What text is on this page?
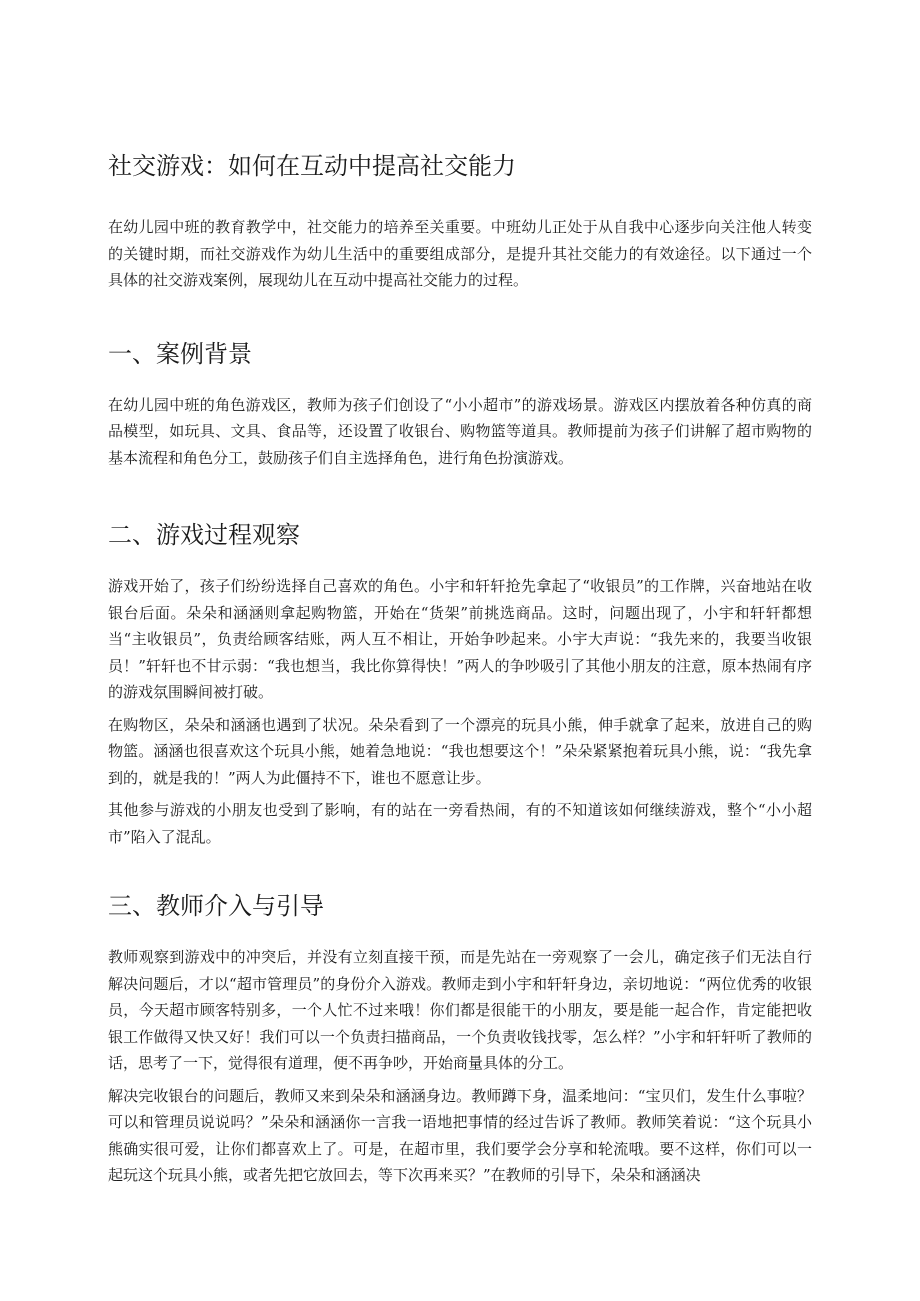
社交游戏：如何在互动中提高社交能力

在幼儿园中班的教育教学中，社交能力的培养至关重要。中班幼儿正处于从自我中心逐步向关注他人转变的关键时期，而社交游戏作为幼儿生活中的重要组成部分，是提升其社交能力的有效途径。以下通过一个具体的社交游戏案例，展现幼儿在互动中提高社交能力的过程。

一、案例背景

在幼儿园中班的角色游戏区，教师为孩子们创设了“小小超市”的游戏场景。游戏区内摆放着各种仿真的商品模型，如玩具、文具、食品等，还设置了收银台、购物篮等道具。教师提前为孩子们讲解了超市购物的基本流程和角色分工，鼓励孩子们自主选择角色，进行角色扮演游戏。

二、游戏过程观察

游戏开始了，孩子们纷纷选择自己喜欢的角色。小宇和轩轩抢先拿起了“收银员”的工作牌，兴奋地站在收银台后面。朵朵和涵涵则拿起购物篮，开始在“货架”前挑选商品。这时，问题出现了，小宇和轩轩都想当“主收银员”，负责给顾客结账，两人互不相让，开始争吵起来。小宇大声说：“我先来的，我要当收银员！”轩轩也不甘示弱：“我也想当，我比你算得快！”两人的争吵吸引了其他小朋友的注意，原本热闹有序的游戏氛围瞬间被打破。

在购物区，朵朵和涵涵也遇到了状况。朵朵看到了一个漂亮的玩具小熊，伸手就拿了起来，放进自己的购物篮。涵涵也很喜欢这个玩具小熊，她着急地说：“我也想要这个！”朵朵紧紧抱着玩具小熊，说：“我先拿到的，就是我的！”两人为此僵持不下，谁也不愿意让步。

其他参与游戏的小朋友也受到了影响，有的站在一旁看热闹，有的不知道该如何继续游戏，整个“小小超市”陷入了混乱。

三、教师介入与引导

教师观察到游戏中的冲突后，并没有立刻直接干预，而是先站在一旁观察了一会儿，确定孩子们无法自行解决问题后，才以“超市管理员”的身份介入游戏。教师走到小宇和轩轩身边，亲切地说：“两位优秀的收银员，今天超市顾客特别多，一个人忙不过来哦！你们都是很能干的小朋友，要是能一起合作，肯定能把收银工作做得又快又好！我们可以一个负责扫描商品，一个负责收钱找零，怎么样？”小宇和轩轩听了教师的话，思考了一下，觉得很有道理，便不再争吵，开始商量具体的分工。

解决完收银台的问题后，教师又来到朵朵和涵涵身边。教师蹲下身，温柔地问：“宝贝们，发生什么事啦？可以和管理员说说吗？”朵朵和涵涵你一言我一语地把事情的经过告诉了教师。教师笑着说：“这个玩具小熊确实很可爱，让你们都喜欢上了。可是，在超市里，我们要学会分享和轮流哦。要不这样，你们可以一起玩这个玩具小熊，或者先把它放回去，等下次再来买？”在教师的引导下，朵朵和涵涵决
